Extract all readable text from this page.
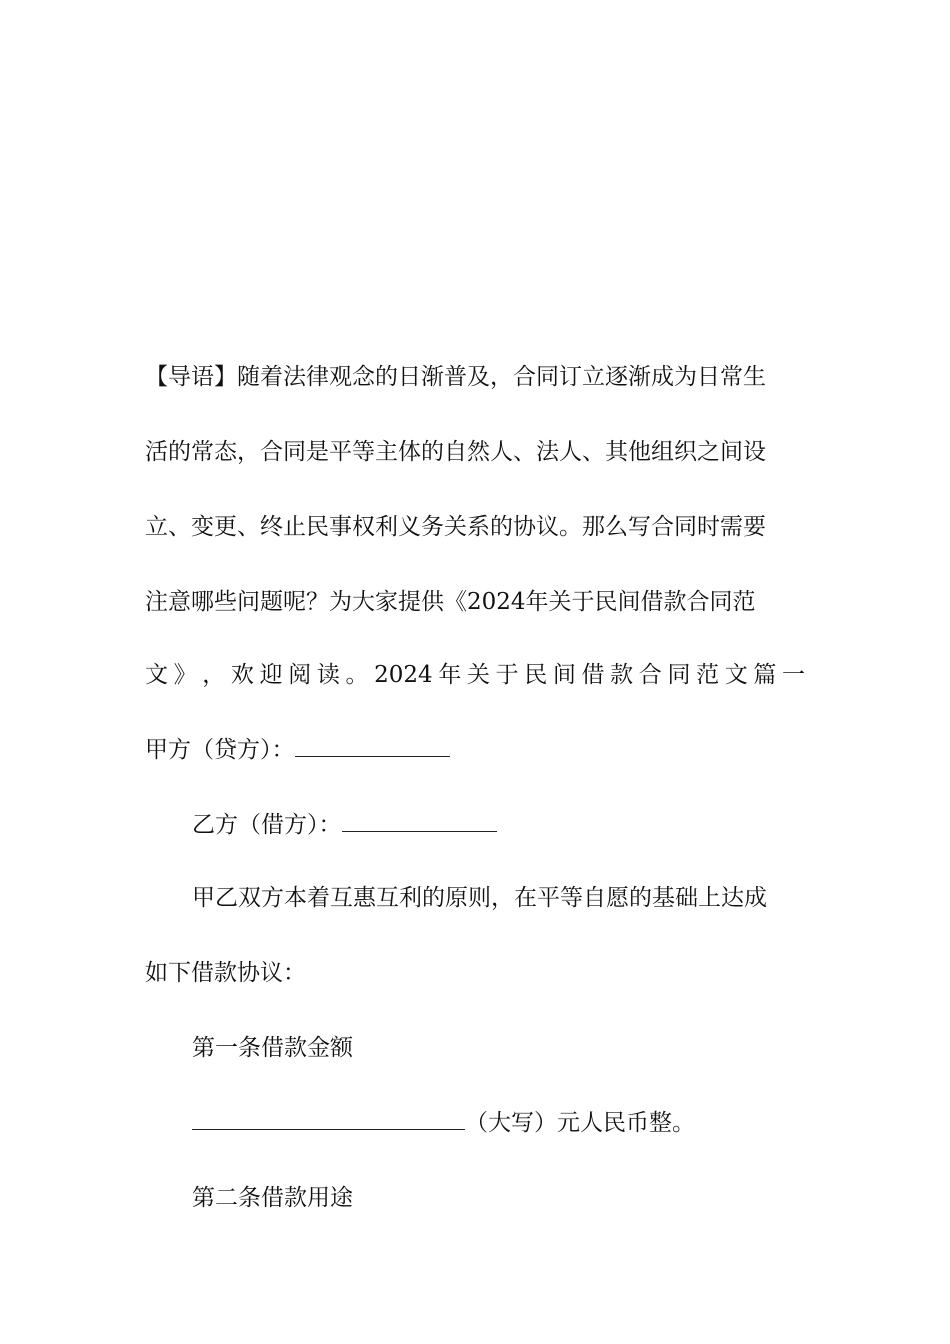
【导语】随着法律观念的日渐普及，合同订立逐渐成为日常生
活的常态，合同是平等主体的自然人、法人、其他组织之间设
立、变更、终止民事权利义务关系的协议。那么写合同时需要
注意哪些问题呢？为大家提供《2024年关于民间借款合同范
文 》 ， 欢 迎 阅 读 。 2024 年 关 于 民 间 借 款 合 同 范 文 篇 一
甲方（贷方）：
乙方（借方）：
甲乙双方本着互惠互利的原则，在平等自愿的基础上达成
如下借款协议：
第一条借款金额
（大写）元人民币整。
第二条借款用途
